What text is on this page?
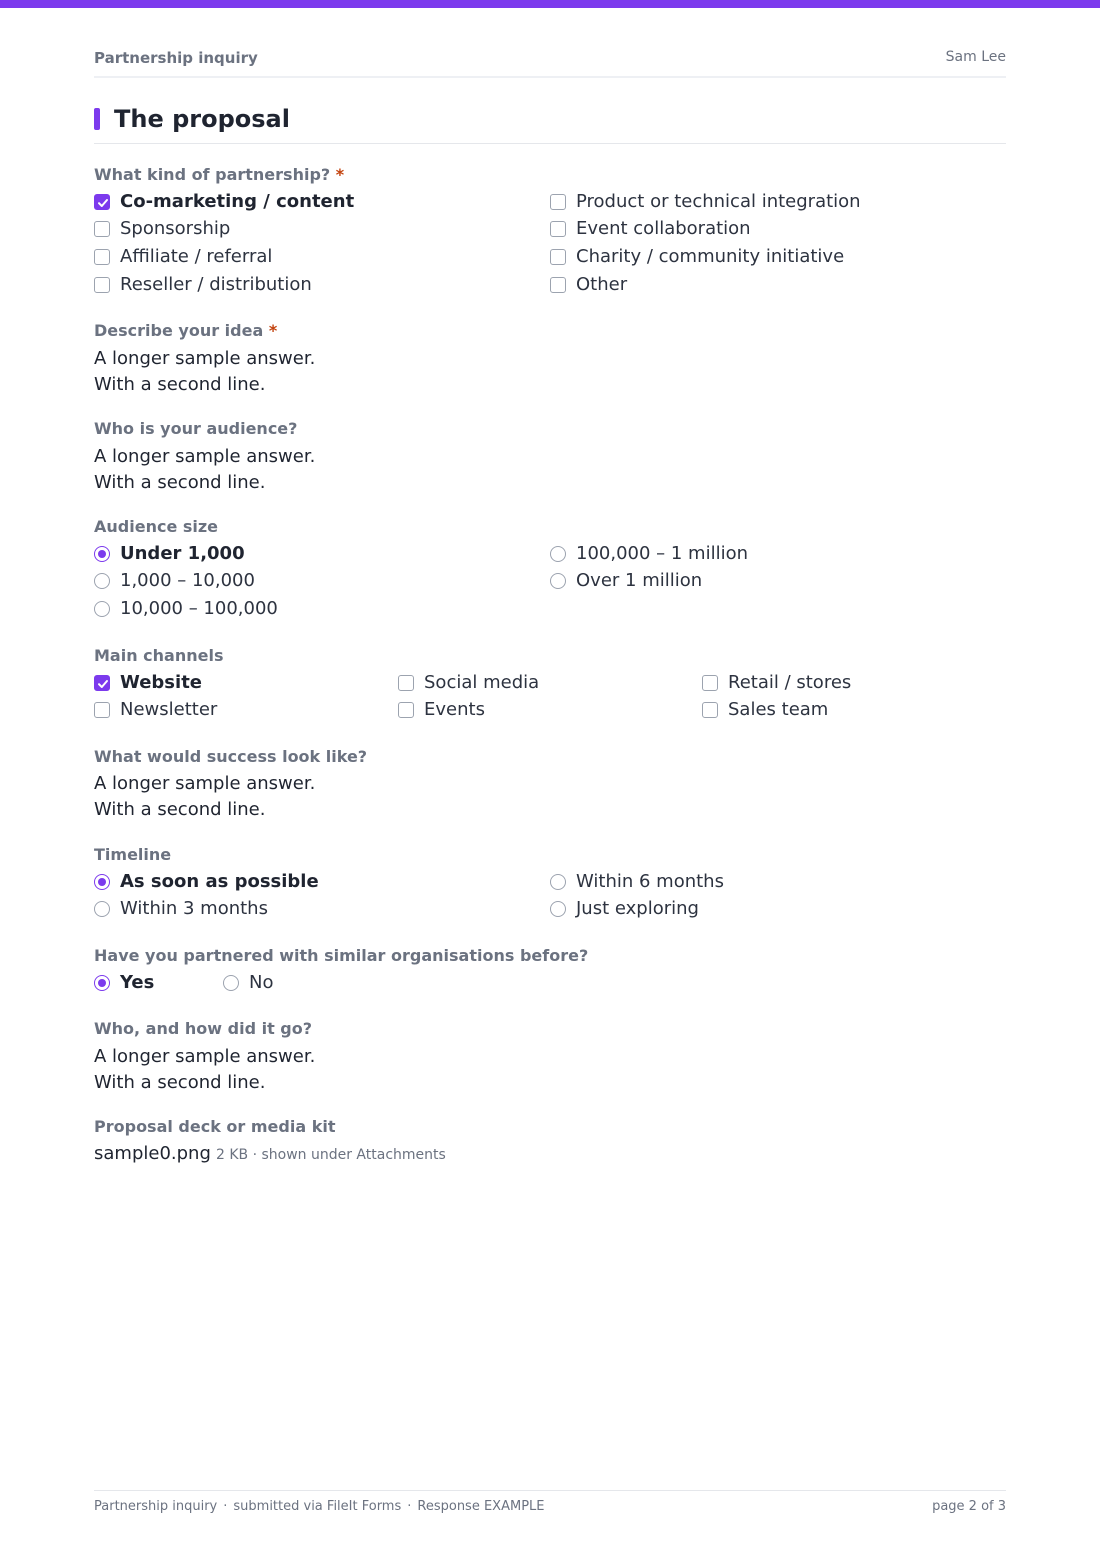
Partnership inquiry	Sam Lee
The proposal
What kind of partnership? *
Co-marketing / content
Sponsorship
Affiliate / referral
Reseller / distribution
Product or technical integration
Event collaboration
Charity / community initiative
Other
Describe your idea *
A longer sample answer.
With a second line.
Who is your audience?
A longer sample answer.
With a second line.
Audience size
Under 1,000
1,000 – 10,000
10,000 – 100,000
100,000 – 1 million
Over 1 million
Main channels
Website
Newsletter
Social media
Events
Retail / stores
Sales team
What would success look like?
A longer sample answer.
With a second line.
Timeline
As soon as possible
Within 3 months
Within 6 months
Just exploring
Have you partnered with similar organisations before?
Yes	No
Who, and how did it go?
A longer sample answer.
With a second line.
Proposal deck or media kit
sample0.png 2 KB · shown under Attachments
Partnership inquiry · submitted via FileIt Forms · Response EXAMPLE	page 2 of 3
